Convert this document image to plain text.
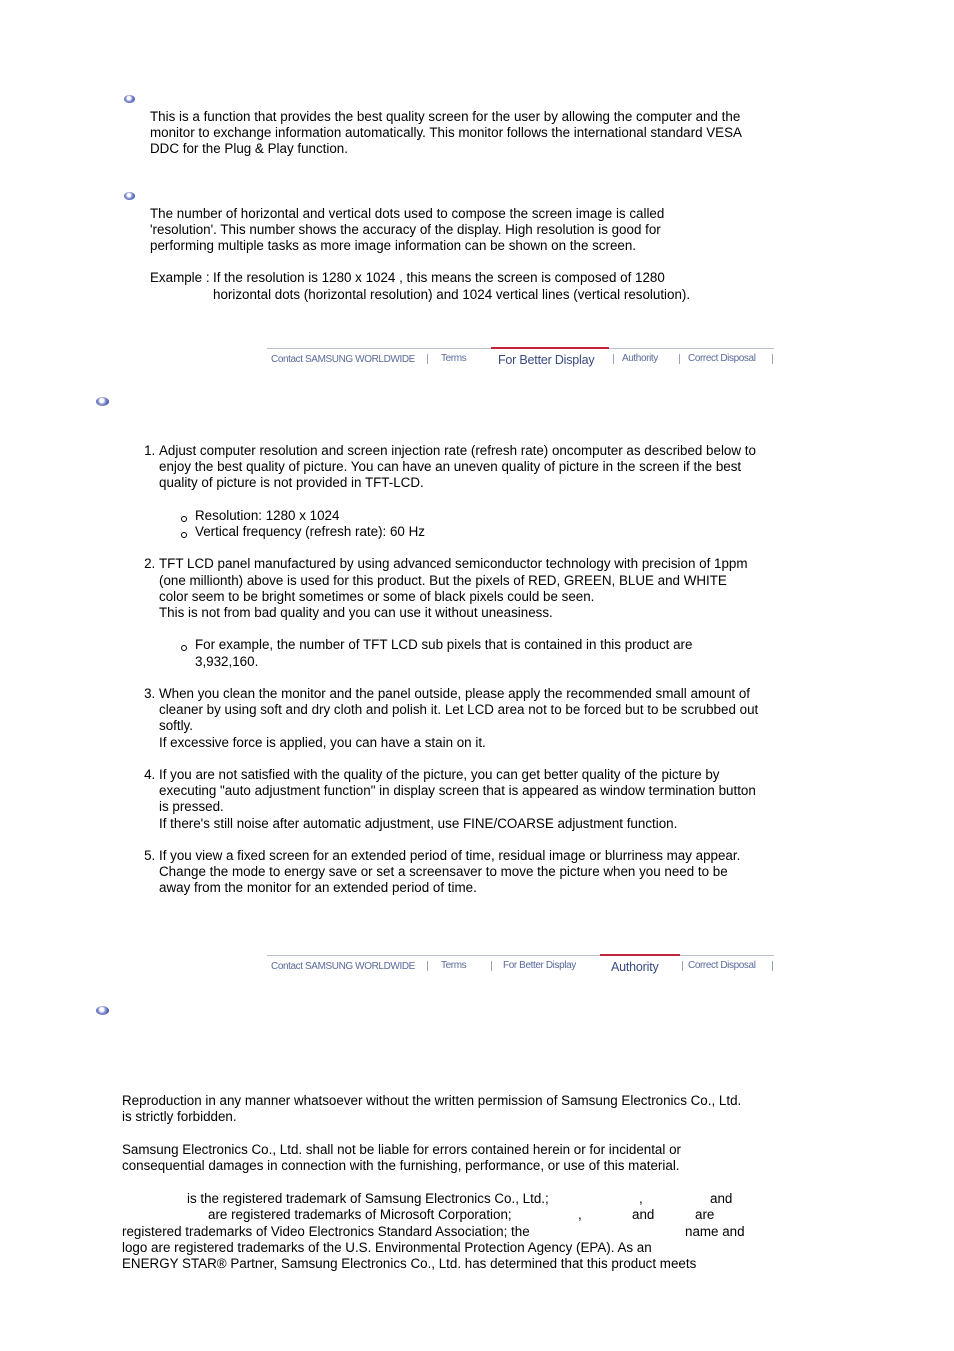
This is a function that provides the best quality screen for the user by allowing the computer and the monitor to exchange information automatically. This monitor follows the international standard VESA DDC for the Plug & Play function.

The number of horizontal and vertical dots used to compose the screen image is called 'resolution'. This number shows the accuracy of the display. High resolution is good for performing multiple tasks as more image information can be shown on the screen.

Example : If the resolution is 1280 x 1024 , this means the screen is composed of 1280
horizontal dots (horizontal resolution) and 1024 vertical lines (vertical resolution).
Contact SAMSUNG WORLDWIDE	Terms	For Better Display	Authority	Correct Disposal
1. Adjust computer resolution and screen injection rate (refresh rate) oncomputer as described below to enjoy the best quality of picture. You can have an uneven quality of picture in the screen if the best quality of picture is not provided in TFT-LCD.
Resolution: 1280 x 1024
Vertical frequency (refresh rate): 60 Hz
2. TFT LCD panel manufactured by using advanced semiconductor technology with precision of 1ppm (one millionth) above is used for this product. But the pixels of RED, GREEN, BLUE and WHITE color seem to be bright sometimes or some of black pixels could be seen.
This is not from bad quality and you can use it without uneasiness.
For example, the number of TFT LCD sub pixels that is contained in this product are 3,932,160.
3. When you clean the monitor and the panel outside, please apply the recommended small amount of cleaner by using soft and dry cloth and polish it. Let LCD area not to be forced but to be scrubbed out softly.
If excessive force is applied, you can have a stain on it.
4. If you are not satisfied with the quality of the picture, you can get better quality of the picture by executing "auto adjustment function" in display screen that is appeared as window termination button is pressed.
If there's still noise after automatic adjustment, use FINE/COARSE adjustment function.
5. If you view a fixed screen for an extended period of time, residual image or blurriness may appear.
Change the mode to energy save or set a screensaver to move the picture when you need to be away from the monitor for an extended period of time.
Contact SAMSUNG WORLDWIDE	Terms	For Better Display	Authority	Correct Disposal

Reproduction in any manner whatsoever without the written permission of Samsung Electronics Co., Ltd. is strictly forbidden.

Samsung Electronics Co., Ltd. shall not be liable for errors contained herein or for incidental or consequential damages in connection with the furnishing, performance, or use of this material.

is the registered trademark of Samsung Electronics Co., Ltd.;	,	and
are registered trademarks of Microsoft Corporation;	,	and	are
registered trademarks of Video Electronics Standard Association; the	name and
logo are registered trademarks of the U.S. Environmental Protection Agency (EPA). As an
ENERGY STAR® Partner, Samsung Electronics Co., Ltd. has determined that this product meets
